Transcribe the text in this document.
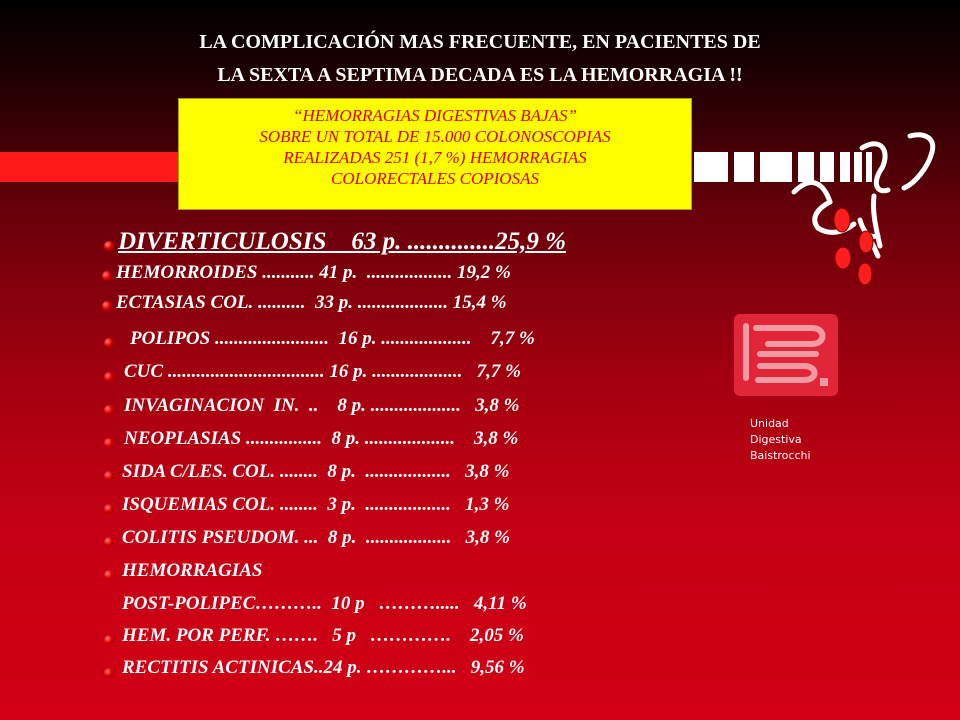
LA COMPLICACIÓN MAS FRECUENTE, EN PACIENTES DE
LA SEXTA A SEPTIMA DECADA ES LA HEMORRAGIA !!
“HEMORRAGIAS DIGESTIVAS BAJAS”
SOBRE UN TOTAL DE 15.000 COLONOSCOPIAS
REALIZADAS 251 (1,7 %) HEMORRAGIAS
COLORECTALES COPIOSAS
DIVERTICULOSIS    63 p. ..............25,9 %
HEMORROIDES ........... 41 p.  .................. 19,2 %
ECTASIAS COL. ..........  33 p. ................... 15,4 %
POLIPOS ........................  16 p. ...................    7,7 %
CUC ................................. 16 p. ...................   7,7 %
INVAGINACION  IN.  ..    8 p. ...................   3,8 %
NEOPLASIAS ................  8 p. ...................    3,8 %
SIDA C/LES. COL. ........  8 p.  ..................   3,8 %
ISQUEMIAS COL. ........  3 p.  ..................   1,3 %
COLITIS PSEUDOM. ...  8 p.  ..................   3,8 %
HEMORRAGIAS
POST-POLIPEC………..  10 p   ……….....   4,11 %
HEM. POR PERF. …….   5 p   ………….    2,05 %
RECTITIS ACTINICAS..24 p. …………...   9,56 %
Unidad
Digestiva
Baistrocchi
